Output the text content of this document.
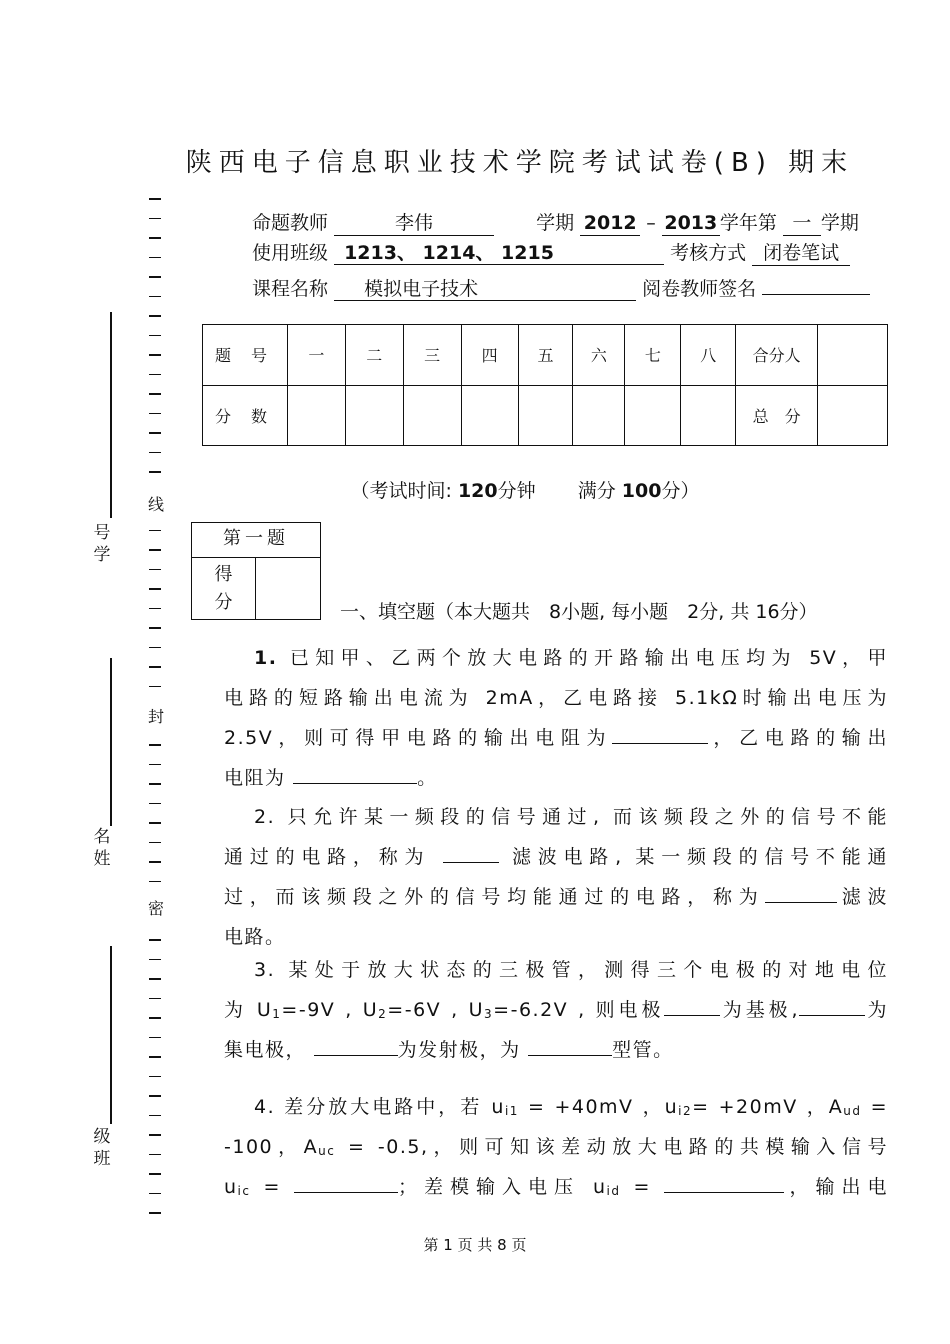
陕西电子信息职业技术学院考试试卷(B) 期末
命题教师	李伟	学期 2012 – 2013 学年第 一 学期
使用班级 1213、 1214、 1215	考核方式 闭卷笔试
课程名称 模拟电子技术	阅卷教师签名
题　号	一	二	三	四	五	六	七	八	合分人	
分　数									总　分	
（考试时间: 120分钟 满分 100分）
第一题
得
分	一、填空题（本大题共　8小题, 每小题　2分, 共 16分）
1. 已知甲、乙两个放大电路的开路输出电压均为 5V，甲
电路的短路输出电流为 2mA，乙电路接 5.1kΩ时输出电压为
2.5V，则可得甲电路的输出电阻为	，乙电路的输出
电阻为	。
2. 只允许某一频段的信号通过, 而该频段之外的信号不能
通过的电路，称为	滤波电路, 某一频段的信号不能通
过，而该频段之外的信号均能通过的电路，称为	滤波
电路。
3. 某处于放大状态的三极管，测得三个电极的对地电位
为 $U_1=-9V$ , $U_2=-6V$ , $U_3=-6.2V$ , 则电极	为基极,	为
集电极，	为发射极，为	型管。
4. 差分放大电路中，若 $u_{i1} = +40mV$ ，$u_{i2}= +20mV$ ，$A_{ud}$ =
-100，$A_{uc} = -0.5$,，则可知该差动放大电路的共模输入信号
$u_{ic}$ =	；差模输入电压 $u_{id}$ =	，输出电
线
封
密
号学
名姓
级班
第 1 页 共 8 页
